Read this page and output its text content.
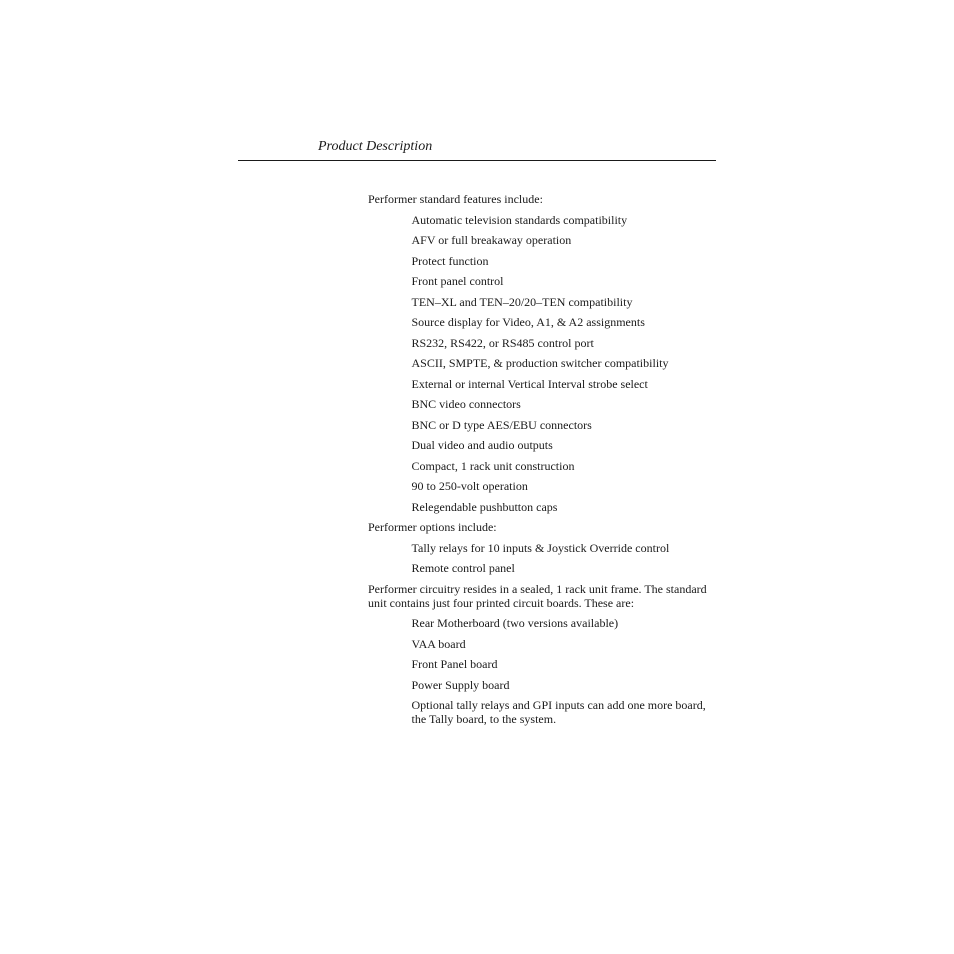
Product Description

Performer standard features include:

Automatic television standards compatibility
AFV or full breakaway operation
Protect function
Front panel control
TEN–XL and TEN–20/20–TEN compatibility
Source display for Video, A1, & A2 assignments
RS232, RS422, or RS485 control port
ASCII, SMPTE, & production switcher compatibility
External or internal Vertical Interval strobe select
BNC video connectors
BNC or D type AES/EBU connectors
Dual video and audio outputs
Compact, 1 rack unit construction
90 to 250-volt operation
Relegendable pushbutton caps

Performer options include:

Tally relays for 10 inputs & Joystick Override control
Remote control panel

Performer circuitry resides in a sealed, 1 rack unit frame. The standard unit contains just four printed circuit boards. These are:

Rear Motherboard (two versions available)
VAA board
Front Panel board
Power Supply board
Optional tally relays and GPI inputs can add one more board, the Tally board, to the system.
